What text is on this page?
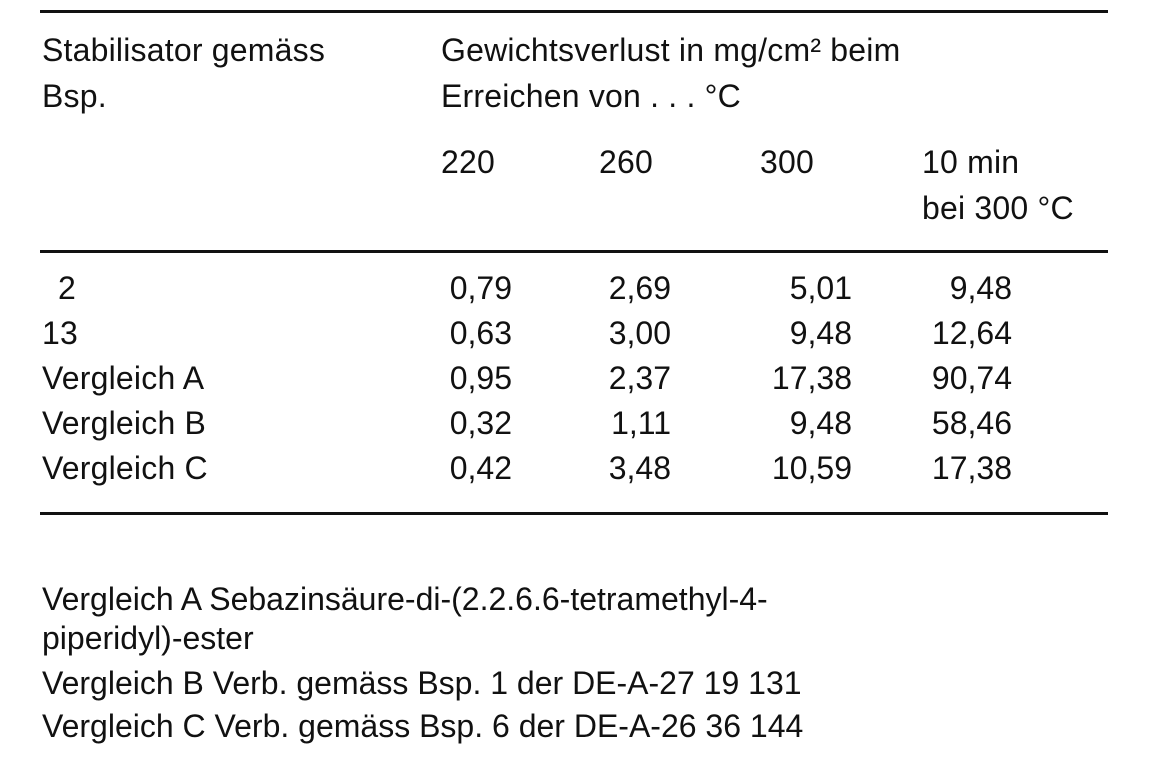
Stabilisator gemäss
Bsp.
Gewichtsverlust in mg/cm² beim
Erreichen von . . . °C
220	260	300	10 min
bei 300 °C
2	0,79	2,69	5,01	9,48
13	0,63	3,00	9,48	12,64
Vergleich A	0,95	2,37	17,38	90,74
Vergleich B	0,32	1,11	9,48	58,46
Vergleich C	0,42	3,48	10,59	17,38
Vergleich A Sebazinsäure-di-(2.2.6.6-tetramethyl-4-
piperidyl)-ester
Vergleich B Verb. gemäss Bsp. 1 der DE-A-27 19 131
Vergleich C Verb. gemäss Bsp. 6 der DE-A-26 36 144
